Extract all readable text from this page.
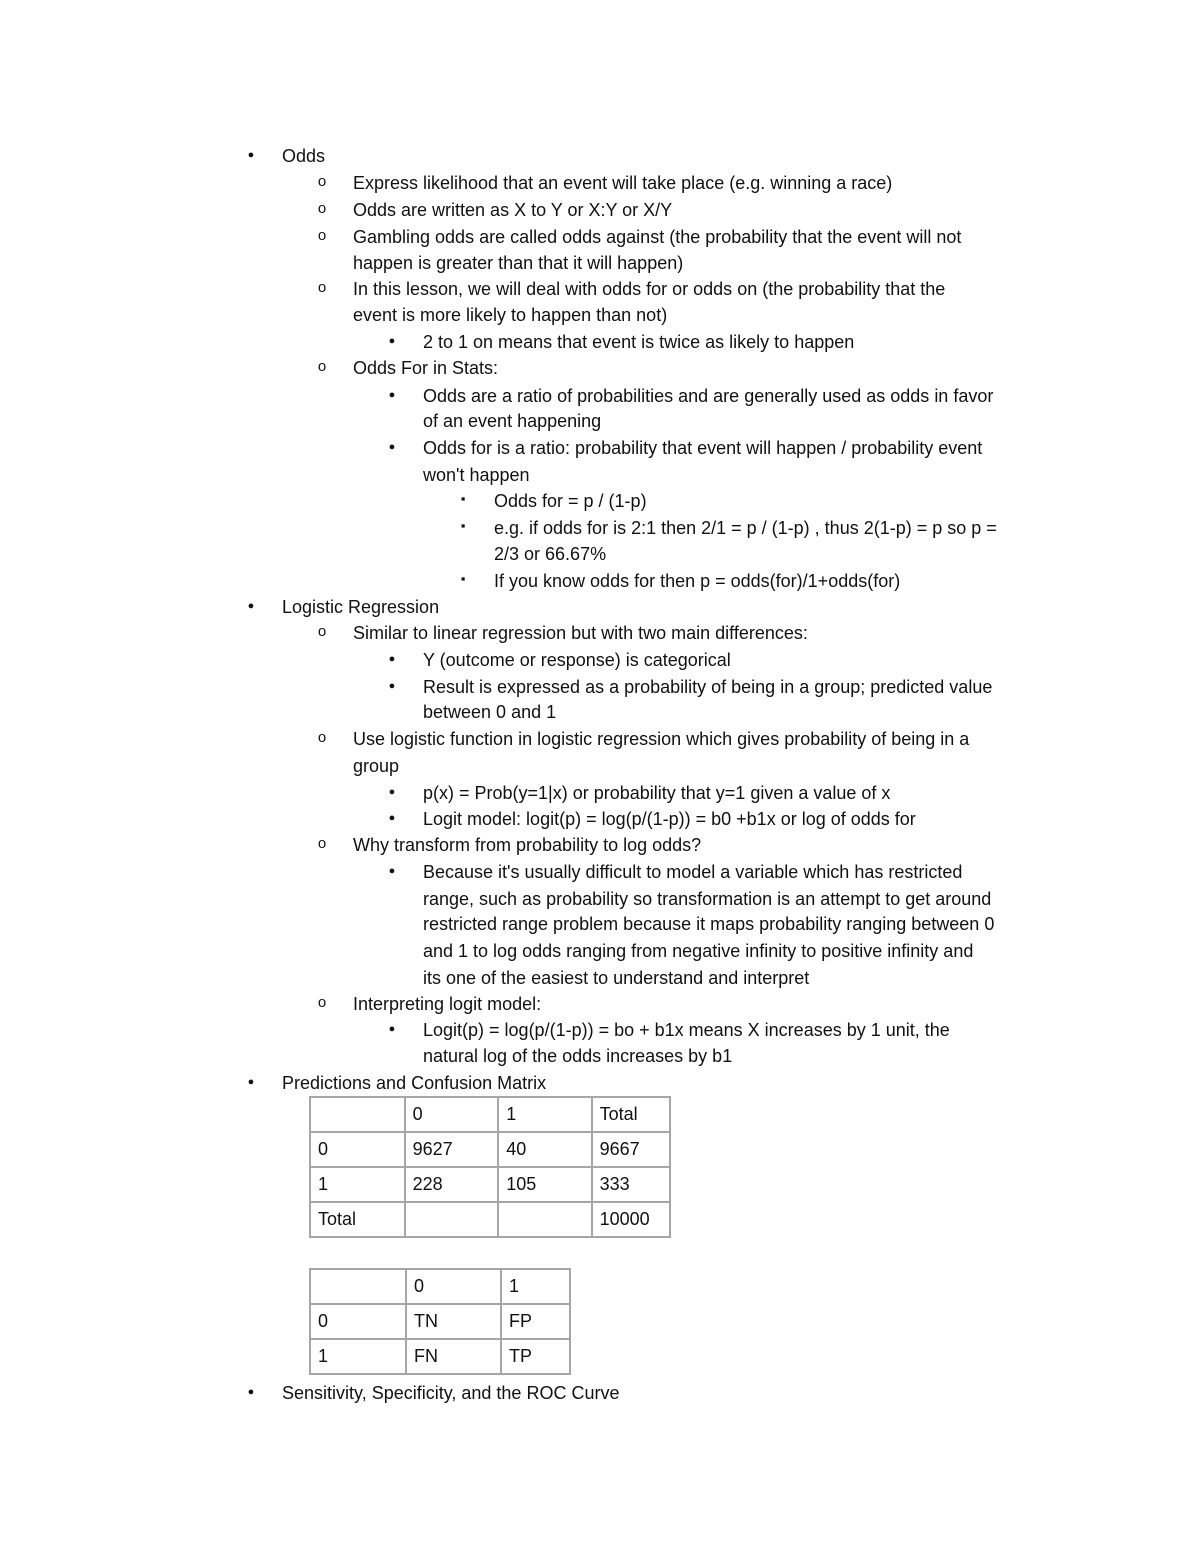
●
Odds
o
Express likelihood that an event will take place (e.g. winning a race)
o
Odds are written as X to Y or X:Y or X/Y
o
Gambling odds are called odds against (the probability that the event will not
happen is greater than that it will happen)
o
In this lesson, we will deal with odds for or odds on (the probability that the
event is more likely to happen than not)
●
2 to 1 on means that event is twice as likely to happen
o
Odds For in Stats:
●
Odds are a ratio of probabilities and are generally used as odds in favor
of an event happening
●
Odds for is a ratio: probability that event will happen / probability event
won't happen
▪
Odds for = p / (1-p)
▪
e.g. if odds for is 2:1 then 2/1 = p / (1-p) , thus 2(1-p) = p so p =
2/3 or 66.67%
▪
If you know odds for then p = odds(for)/1+odds(for)
●
Logistic Regression
o
Similar to linear regression but with two main differences:
●
Y (outcome or response) is categorical
●
Result is expressed as a probability of being in a group; predicted value
between 0 and 1
o
Use logistic function in logistic regression which gives probability of being in a
group
●
p(x) = Prob(y=1|x) or probability that y=1 given a value of x
●
Logit model: logit(p) = log(p/(1-p)) = b0 +b1x or log of odds for
o
Why transform from probability to log odds?
●
Because it's usually difficult to model a variable which has restricted
range, such as probability so transformation is an attempt to get around
restricted range problem because it maps probability ranging between 0
and 1 to log odds ranging from negative infinity to positive infinity and
its one of the easiest to understand and interpret
o
Interpreting logit model:
●
Logit(p) = log(p/(1-p)) = bo + b1x means X increases by 1 unit, the
natural log of the odds increases by b1
●
Predictions and Confusion Matrix
	0	1	Total
0	9627	40	9667
1	228	105	333
Total			10000
	0	1
0	TN	FP
1	FN	TP
●
Sensitivity, Specificity, and the ROC Curve
